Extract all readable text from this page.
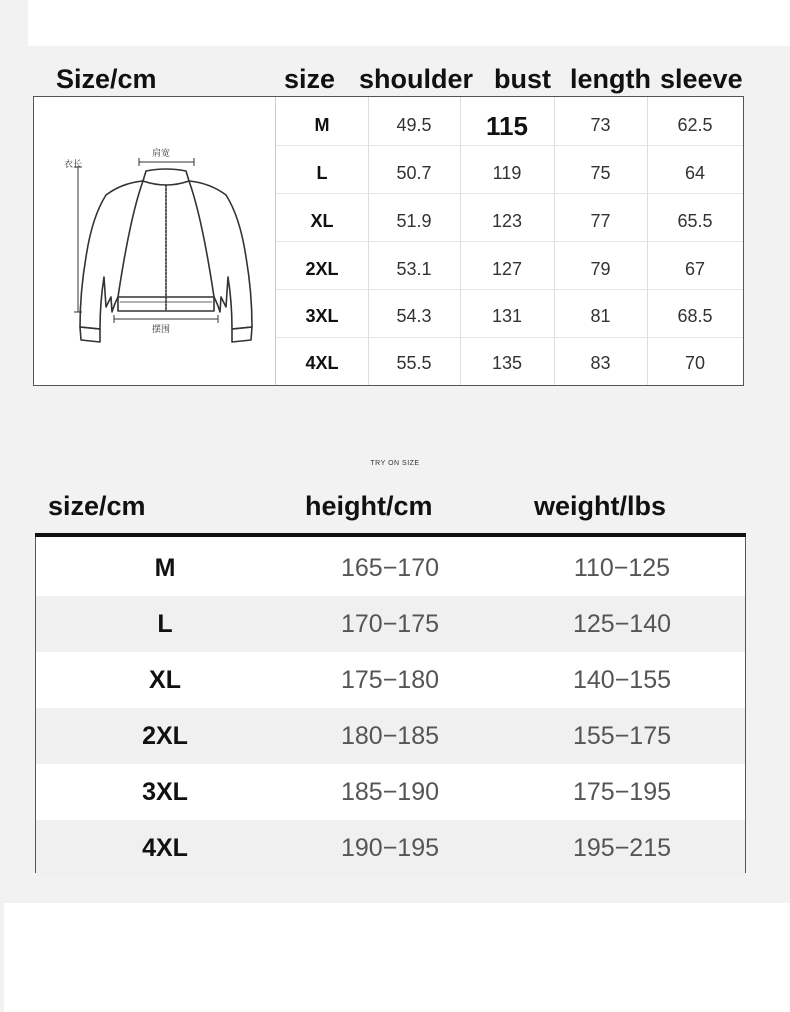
Size/cm	size shoulder bust length sleeve
肩宽
衣长
摆围
M	49.5	115	73	62.5
L	50.7	119	75	64
XL	51.9	123	77	65.5
2XL	53.1	127	79	67
3XL	54.3	131	81	68.5
4XL	55.5	135	83	70
TRY ON SIZE
size/cm	height/cm	weight/lbs
M	165−170	110−125
L	170−175	125−140
XL	175−180	140−155
2XL	180−185	155−175
3XL	185−190	175−195
4XL	190−195	195−215
